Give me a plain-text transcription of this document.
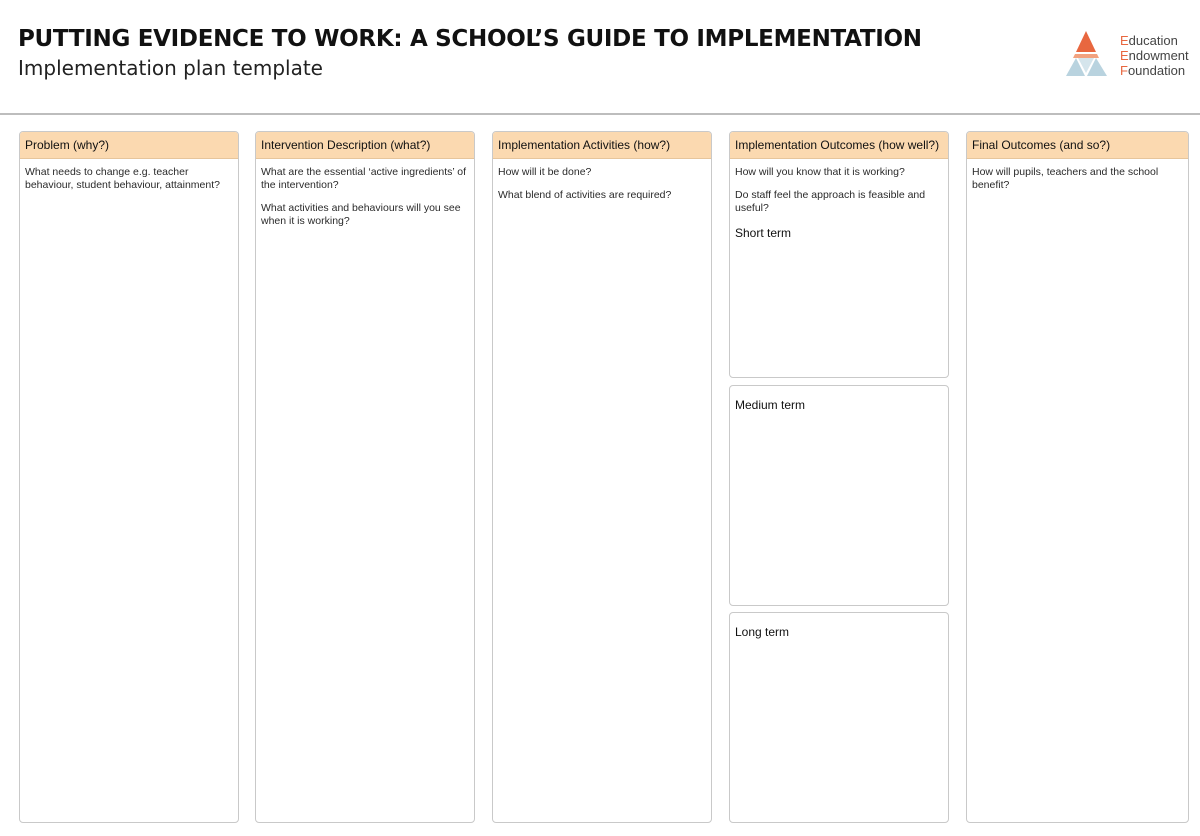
PUTTING EVIDENCE TO WORK: A SCHOOL’S GUIDE TO IMPLEMENTATION
Implementation plan template
Education
Endowment
Foundation
Problem (why?)
What needs to change e.g. teacher behaviour, student behaviour, attainment?
Intervention Description (what?)
What are the essential ‘active ingredients’ of the intervention?
What activities and behaviours will you see when it is working?
Implementation Activities (how?)
How will it be done?
What blend of activities are required?
Implementation Outcomes (how well?)
How will you know that it is working?
Do staff feel the approach is feasible and useful?
Short term
Medium term
Long term
Final Outcomes (and so?)
How will pupils, teachers and the school benefit?
